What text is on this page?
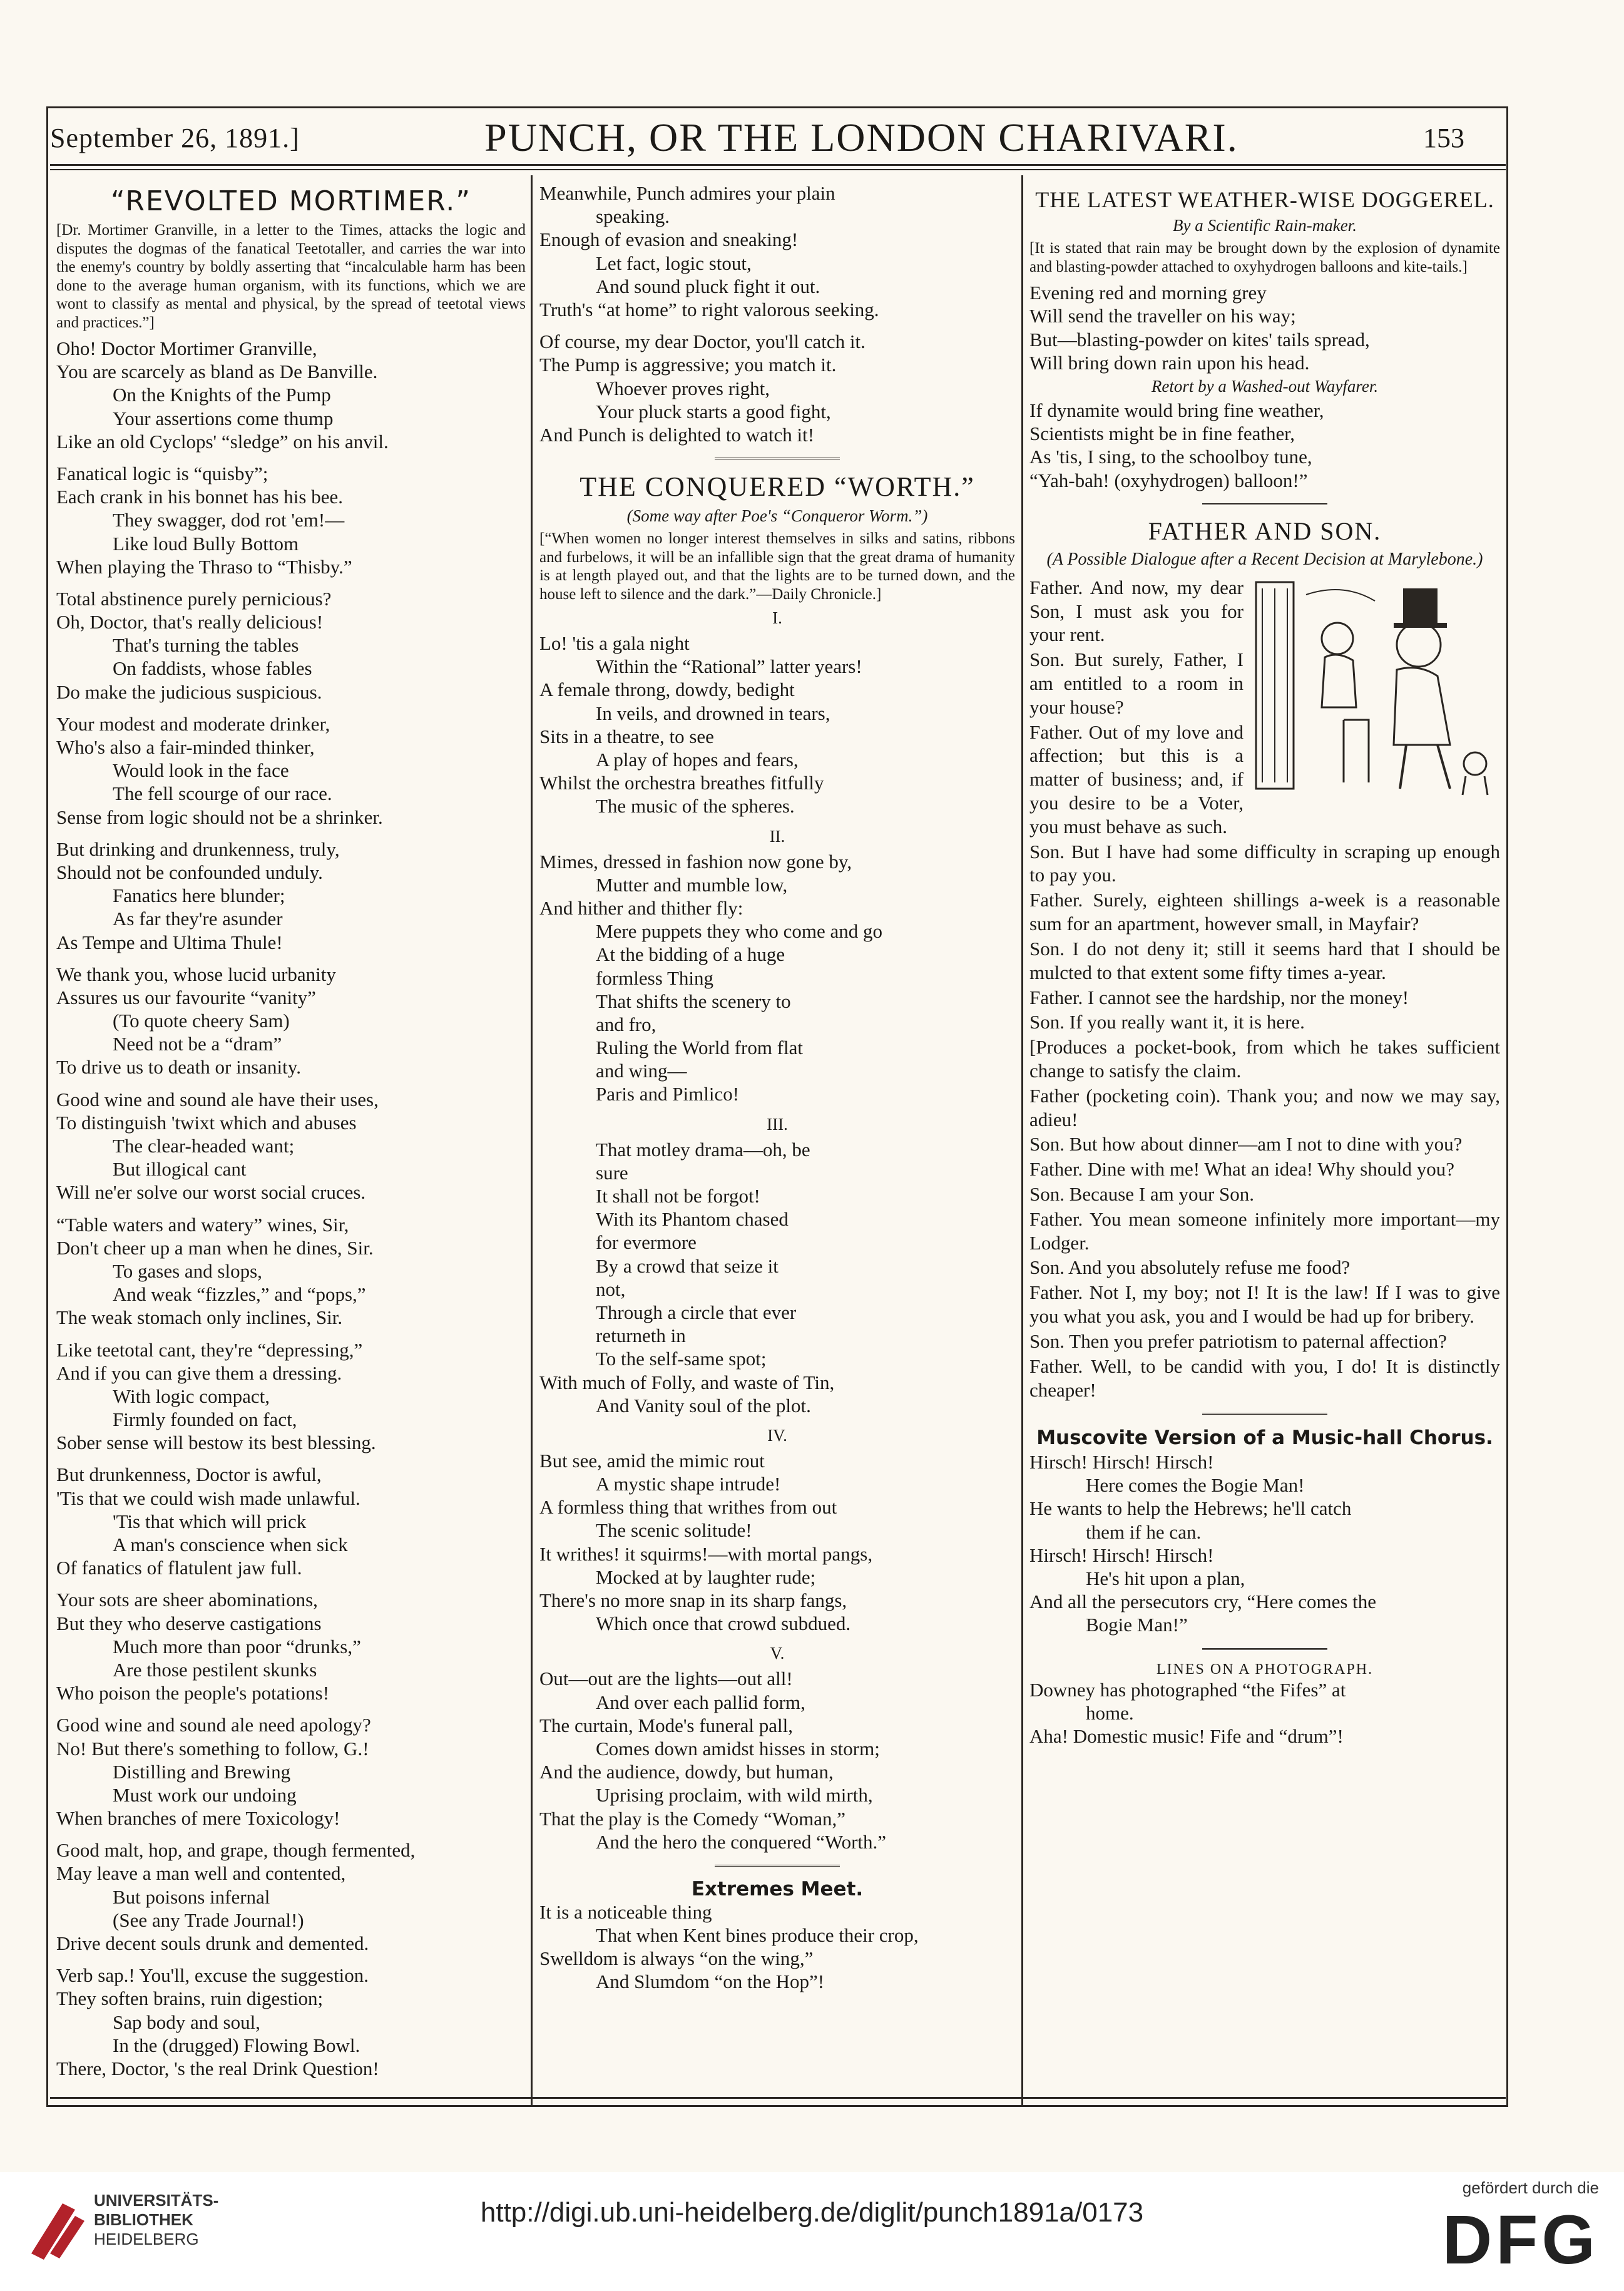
September 26, 1891.]	PUNCH, OR THE LONDON CHARIVARI.	153
“REVOLTED MORTIMER.”
[Dr. Mortimer Granville, in a letter to the Times, attacks the logic and disputes the dogmas of the fanatical Teetotaller, and carries the war into the enemy's country by boldly asserting that “incalculable harm has been done to the average human organism, with its functions, which we are wont to classify as mental and physical, by the spread of teetotal views and practices.”]

Oho! Doctor Mortimer Granville,

You are scarcely as bland as De Banville.

On the Knights of the Pump

Your assertions come thump

Like an old Cyclops' “sledge” on his anvil.

Fanatical logic is “quisby”;

Each crank in his bonnet has his bee.

They swagger, dod rot 'em!—

Like loud Bully Bottom

When playing the Thraso to “Thisby.”

Total abstinence purely pernicious?

Oh, Doctor, that's really delicious!

That's turning the tables

On faddists, whose fables

Do make the judicious suspicious.

Your modest and moderate drinker,

Who's also a fair-minded thinker,

Would look in the face

The fell scourge of our race.

Sense from logic should not be a shrinker.

But drinking and drunkenness, truly,

Should not be confounded unduly.

Fanatics here blunder;

As far they're asunder

As Tempe and Ultima Thule!

We thank you, whose lucid urbanity

Assures us our favourite “vanity”

(To quote cheery Sam)

Need not be a “dram”

To drive us to death or insanity.

Good wine and sound ale have their uses,

To distinguish 'twixt which and abuses

The clear-headed want;

But illogical cant

Will ne'er solve our worst social cruces.

“Table waters and watery” wines, Sir,

Don't cheer up a man when he dines, Sir.

To gases and slops,

And weak “fizzles,” and “pops,”

The weak stomach only inclines, Sir.

Like teetotal cant, they're “depressing,”

And if you can give them a dressing.

With logic compact,

Firmly founded on fact,

Sober sense will bestow its best blessing.

But drunkenness, Doctor is awful,

'Tis that we could wish made unlawful.

'Tis that which will prick

A man's conscience when sick

Of fanatics of flatulent jaw full.

Your sots are sheer abominations,

But they who deserve castigations

Much more than poor “drunks,”

Are those pestilent skunks

Who poison the people's potations!

Good wine and sound ale need apology?

No! But there's something to follow, G.!

Distilling and Brewing

Must work our undoing

When branches of mere Toxicology!

Good malt, hop, and grape, though fermented,

May leave a man well and contented,

But poisons infernal

(See any Trade Journal!)

Drive decent souls drunk and demented.

Verb sap.! You'll, excuse the suggestion.

They soften brains, ruin digestion;

Sap body and soul,

In the (drugged) Flowing Bowl.

There, Doctor, 's the real Drink Question!

Meanwhile, Punch admires your plain

speaking.

Enough of evasion and sneaking!

Let fact, logic stout,

And sound pluck fight it out.

Truth's “at home” to right valorous seeking.

Of course, my dear Doctor, you'll catch it.

The Pump is aggressive; you match it.

Whoever proves right,

Your pluck starts a good fight,

And Punch is delighted to watch it!

THE CONQUERED “WORTH.”
(Some way after Poe's “Conqueror Worm.”)
[“When women no longer interest themselves in silks and satins, ribbons and furbelows, it will be an infallible sign that the great drama of humanity is at length played out, and that the lights are to be turned down, and the house left to silence and the dark.”—Daily Chronicle.]
I.

Lo! 'tis a gala night

Within the “Rational” latter years!

A female throng, dowdy, bedight

In veils, and drowned in tears,

Sits in a theatre, to see

A play of hopes and fears,

Whilst the orchestra breathes fitfully

The music of the spheres.

II.

Mimes, dressed in fashion now gone by,

Mutter and mumble low,

And hither and thither fly:

Mere puppets they who come and go

At the bidding of a huge

formless Thing

That shifts the scenery to

and fro,

Ruling the World from flat

and wing—

Paris and Pimlico!

III.

That motley drama—oh, be

sure

It shall not be forgot!

With its Phantom chased

for evermore

By a crowd that seize it

not,

Through a circle that ever

returneth in

To the self-same spot;

With much of Folly, and waste of Tin,

And Vanity soul of the plot.

IV.

But see, amid the mimic rout

A mystic shape intrude!

A formless thing that writhes from out

The scenic solitude!

It writhes! it squirms!—with mortal pangs,

Mocked at by laughter rude;

There's no more snap in its sharp fangs,

Which once that crowd subdued.

V.

Out—out are the lights—out all!

And over each pallid form,

The curtain, Mode's funeral pall,

Comes down amidst hisses in storm;

And the audience, dowdy, but human,

Uprising proclaim, with wild mirth,

That the play is the Comedy “Woman,”

And the hero the conquered “Worth.”

Extremes Meet.

It is a noticeable thing

That when Kent bines produce their crop,

Swelldom is always “on the wing,”

And Slumdom “on the Hop”!

THE LATEST WEATHER-WISE DOGGEREL.
By a Scientific Rain-maker.
[It is stated that rain may be brought down by the explosion of dynamite and blasting-powder attached to oxyhydrogen balloons and kite-tails.]

Evening red and morning grey

Will send the traveller on his way;

But—blasting-powder on kites' tails spread,

Will bring down rain upon his head.

Retort by a Washed-out Wayfarer.

If dynamite would bring fine weather,

Scientists might be in fine feather,

As 'tis, I sing, to the schoolboy tune,

“Yah-bah! (oxyhydrogen) balloon!”

FATHER AND SON.
(A Possible Dialogue after a Recent Decision at Marylebone.)

Father. And now, my dear Son, I must ask you for your rent.

Son. But surely, Father, I am entitled to a room in your house?

Father. Out of my love and affection; but this is a matter of business; and, if you desire to be a Voter, you must behave as such.

Son. But I have had some difficulty in scraping up enough to pay you.

Father. Surely, eighteen shillings a-week is a reasonable sum for an apartment, however small, in Mayfair?

Son. I do not deny it; still it seems hard that I should be mulcted to that extent some fifty times a-year.

Father. I cannot see the hardship, nor the money!

Son. If you really want it, it is here.

[Produces a pocket-book, from which he takes sufficient change to satisfy the claim.

Father (pocketing coin). Thank you; and now we may say, adieu!

Son. But how about dinner—am I not to dine with you?

Father. Dine with me! What an idea! Why should you?

Son. Because I am your Son.

Father. You mean someone infinitely more important—my Lodger.

Son. And you absolutely refuse me food?

Father. Not I, my boy; not I! It is the law! If I was to give you what you ask, you and I would be had up for bribery.

Son. Then you prefer patriotism to paternal affection?

Father. Well, to be candid with you, I do! It is distinctly cheaper!

Muscovite Version of a Music-hall Chorus.

Hirsch! Hirsch! Hirsch!

Here comes the Bogie Man!

He wants to help the Hebrews; he'll catch

them if he can.

Hirsch! Hirsch! Hirsch!

He's hit upon a plan,

And all the persecutors cry, “Here comes the

Bogie Man!”

LINES ON A PHOTOGRAPH.

Downey has photographed “the Fifes” at

home.

Aha! Domestic music! Fife and “drum”!

UNIVERSITÄTS-
BIBLIOTHEK
HEIDELBERG
http://digi.ub.uni-heidelberg.de/diglit/punch1891a/0173
gefördert durch die
DFG
